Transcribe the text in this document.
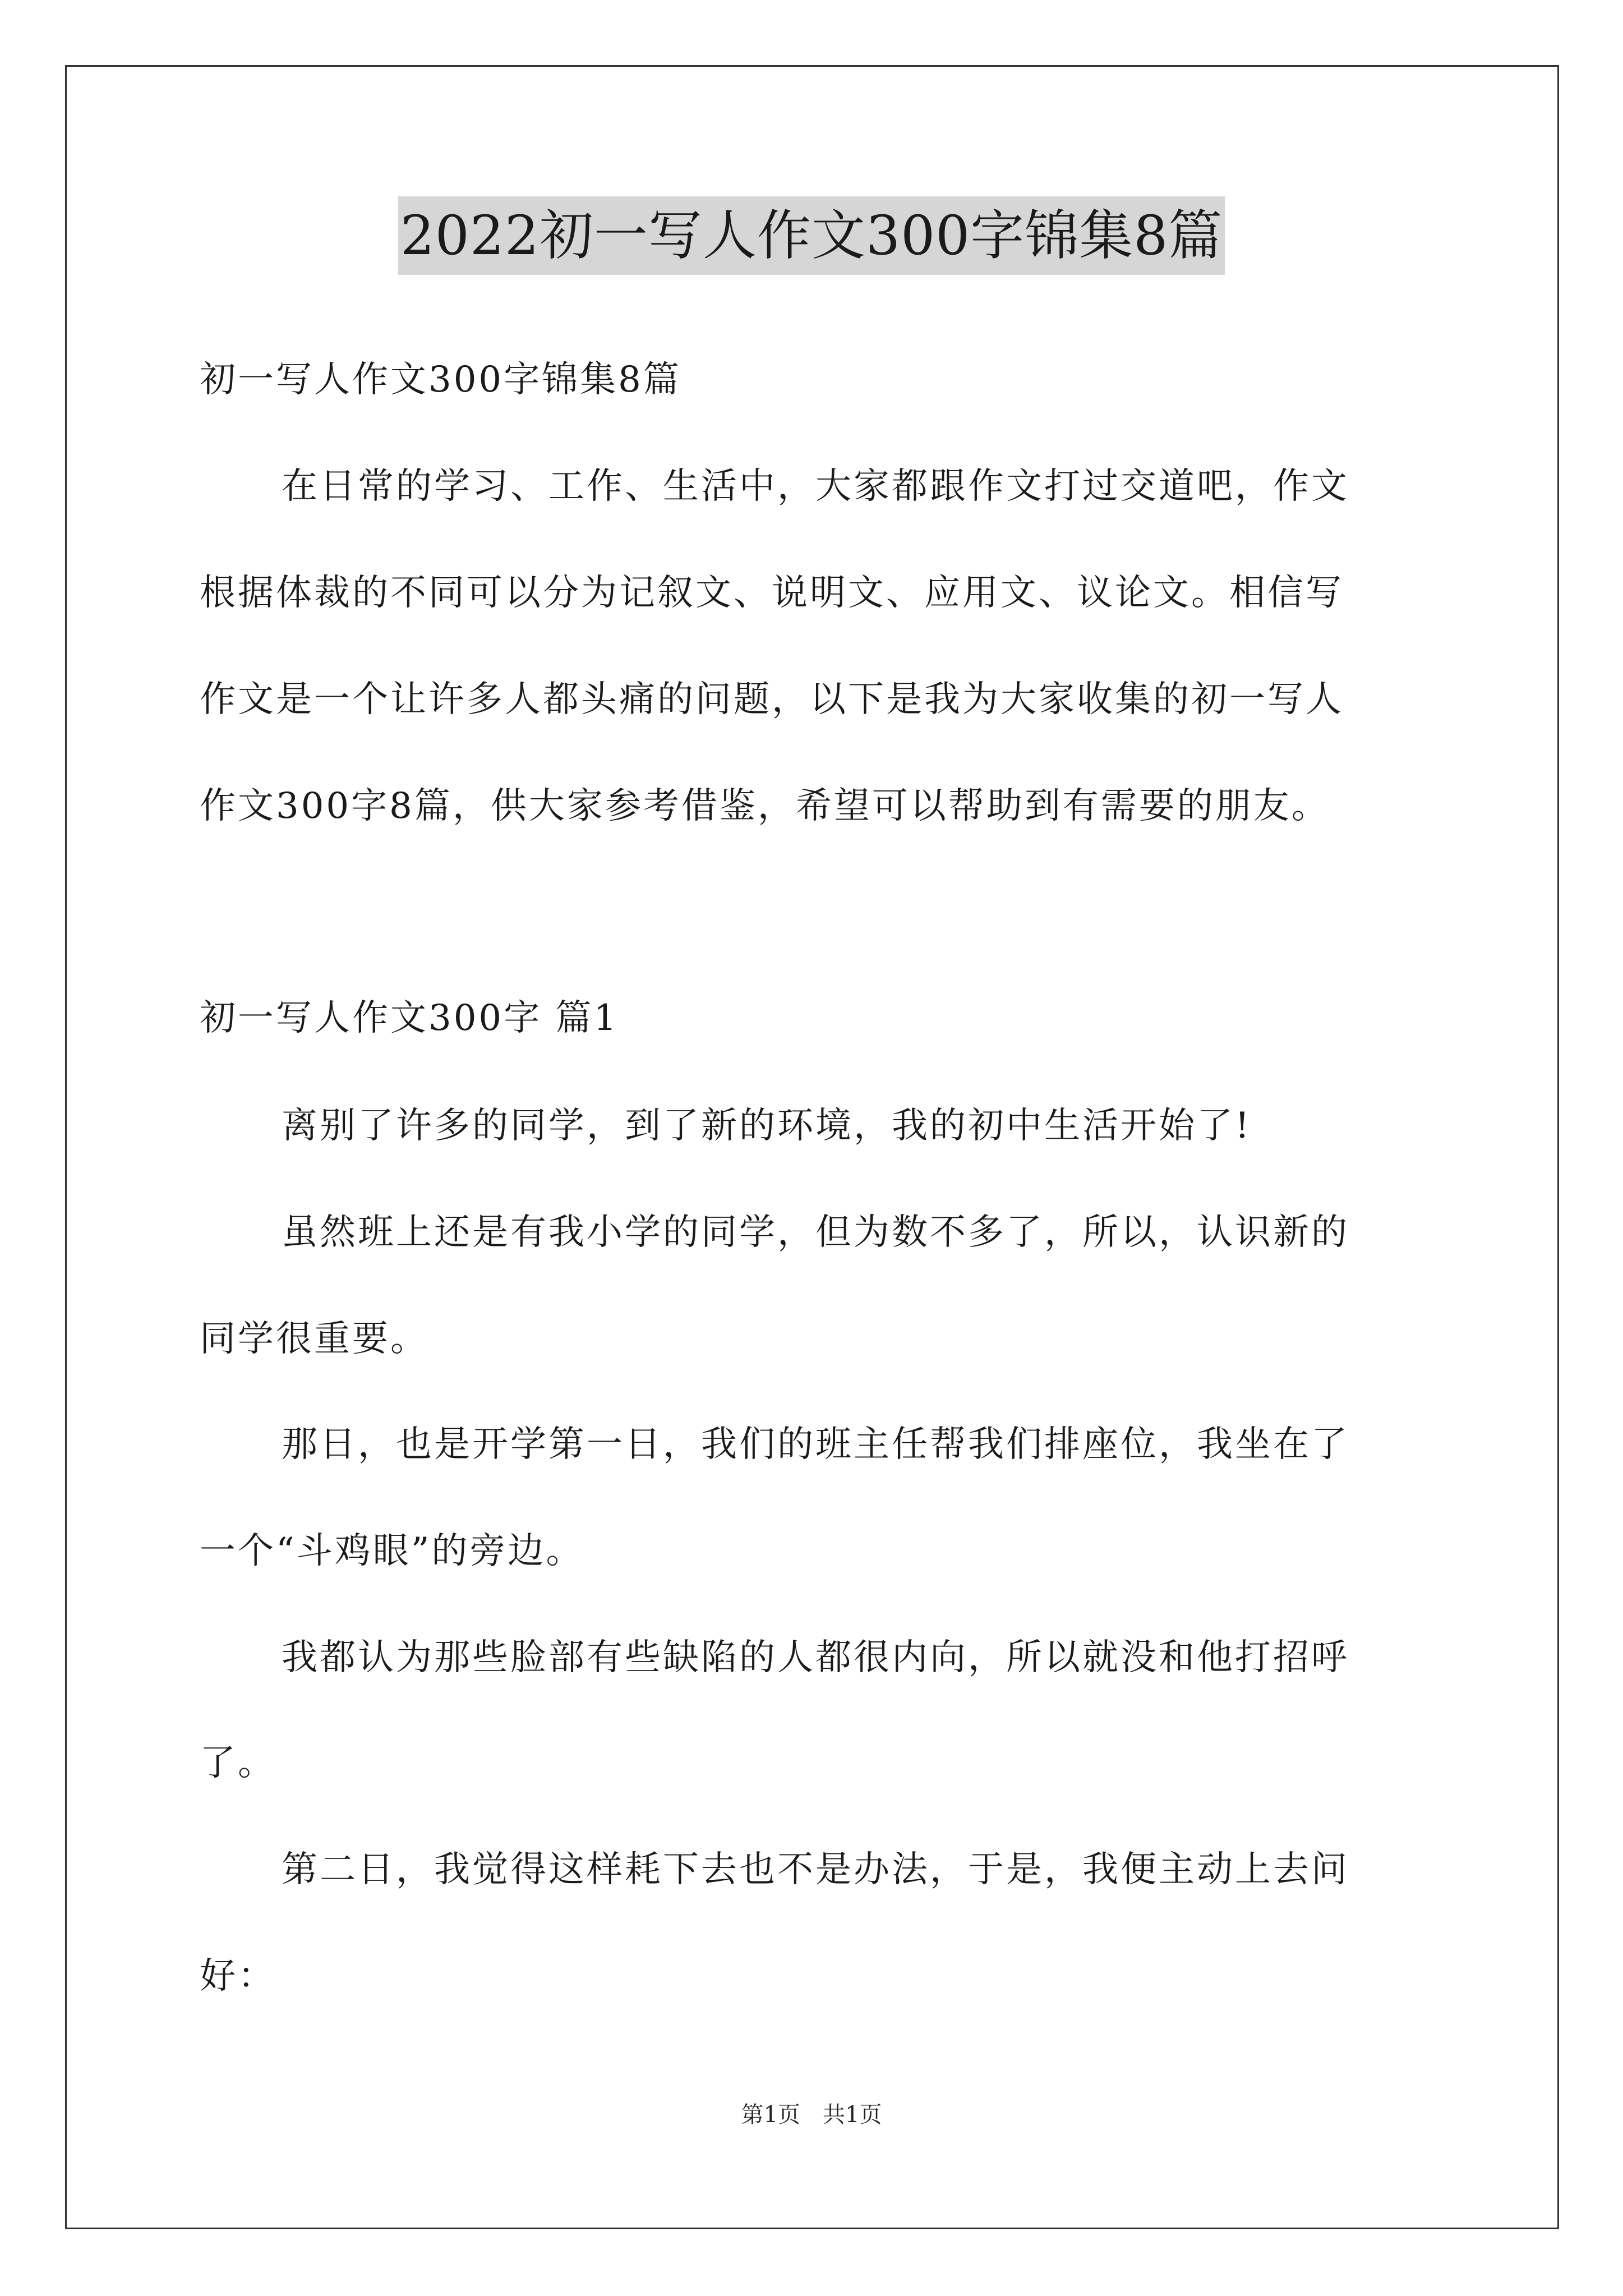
2022初一写人作文300字锦集8篇
初一写人作文300字锦集8篇
在日常的学习、工作、生活中，大家都跟作文打过交道吧，作文
根据体裁的不同可以分为记叙文、说明文、应用文、议论文。相信写
作文是一个让许多人都头痛的问题，以下是我为大家收集的初一写人
作文300字8篇，供大家参考借鉴，希望可以帮助到有需要的朋友。
初一写人作文300字 篇1
离别了许多的同学，到了新的环境，我的初中生活开始了!
虽然班上还是有我小学的同学，但为数不多了，所以，认识新的
同学很重要。
那日，也是开学第一日，我们的班主任帮我们排座位，我坐在了
一个“斗鸡眼”的旁边。
我都认为那些脸部有些缺陷的人都很内向，所以就没和他打招呼
了。
第二日，我觉得这样耗下去也不是办法，于是，我便主动上去问
好：
第1页　共1页
